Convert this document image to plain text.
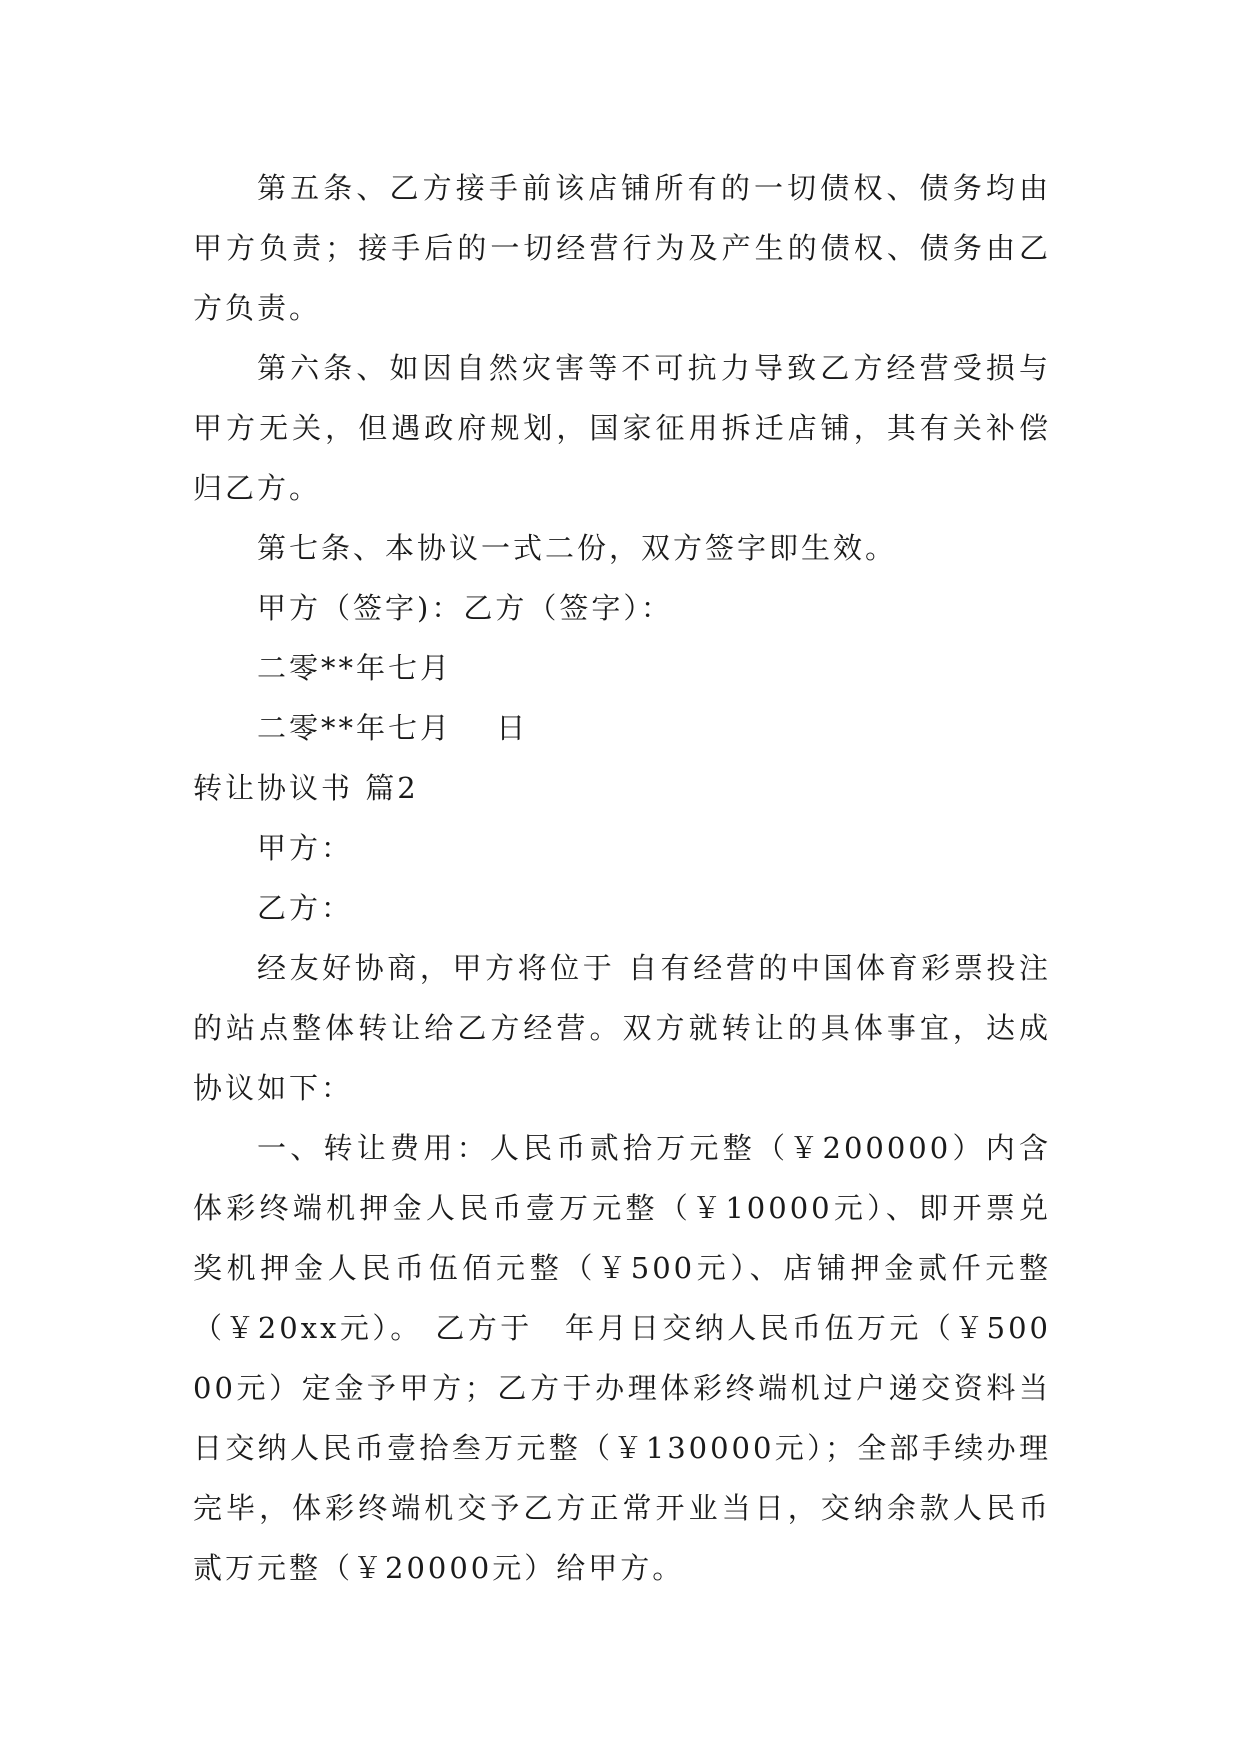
第五条、乙方接手前该店铺所有的一切债权、债务均由甲方负责；接手后的一切经营行为及产生的债权、债务由乙方负责。

第六条、如因自然灾害等不可抗力导致乙方经营受损与甲方无关，但遇政府规划，国家征用拆迁店铺，其有关补偿归乙方。

第七条、本协议一式二份，双方签字即生效。

甲方（签字)：乙方（签字）：

二零**年七月

二零**年七月　 日

转让协议书 篇2

甲方：

乙方：

经友好协商，甲方将位于 自有经营的中国体育彩票投注的站点整体转让给乙方经营。双方就转让的具体事宜，达成协议如下：

一、转让费用：人民币贰拾万元整（￥200000）内含体彩终端机押金人民币壹万元整（￥10000元）、即开票兑奖机押金人民币伍佰元整（￥500元）、店铺押金贰仟元整（￥20xx元）。 乙方于　年月日交纳人民币伍万元（￥50000元）定金予甲方；乙方于办理体彩终端机过户递交资料当日交纳人民币壹拾叁万元整（￥130000元）；全部手续办理完毕，体彩终端机交予乙方正常开业当日，交纳余款人民币贰万元整（￥20000元）给甲方。
